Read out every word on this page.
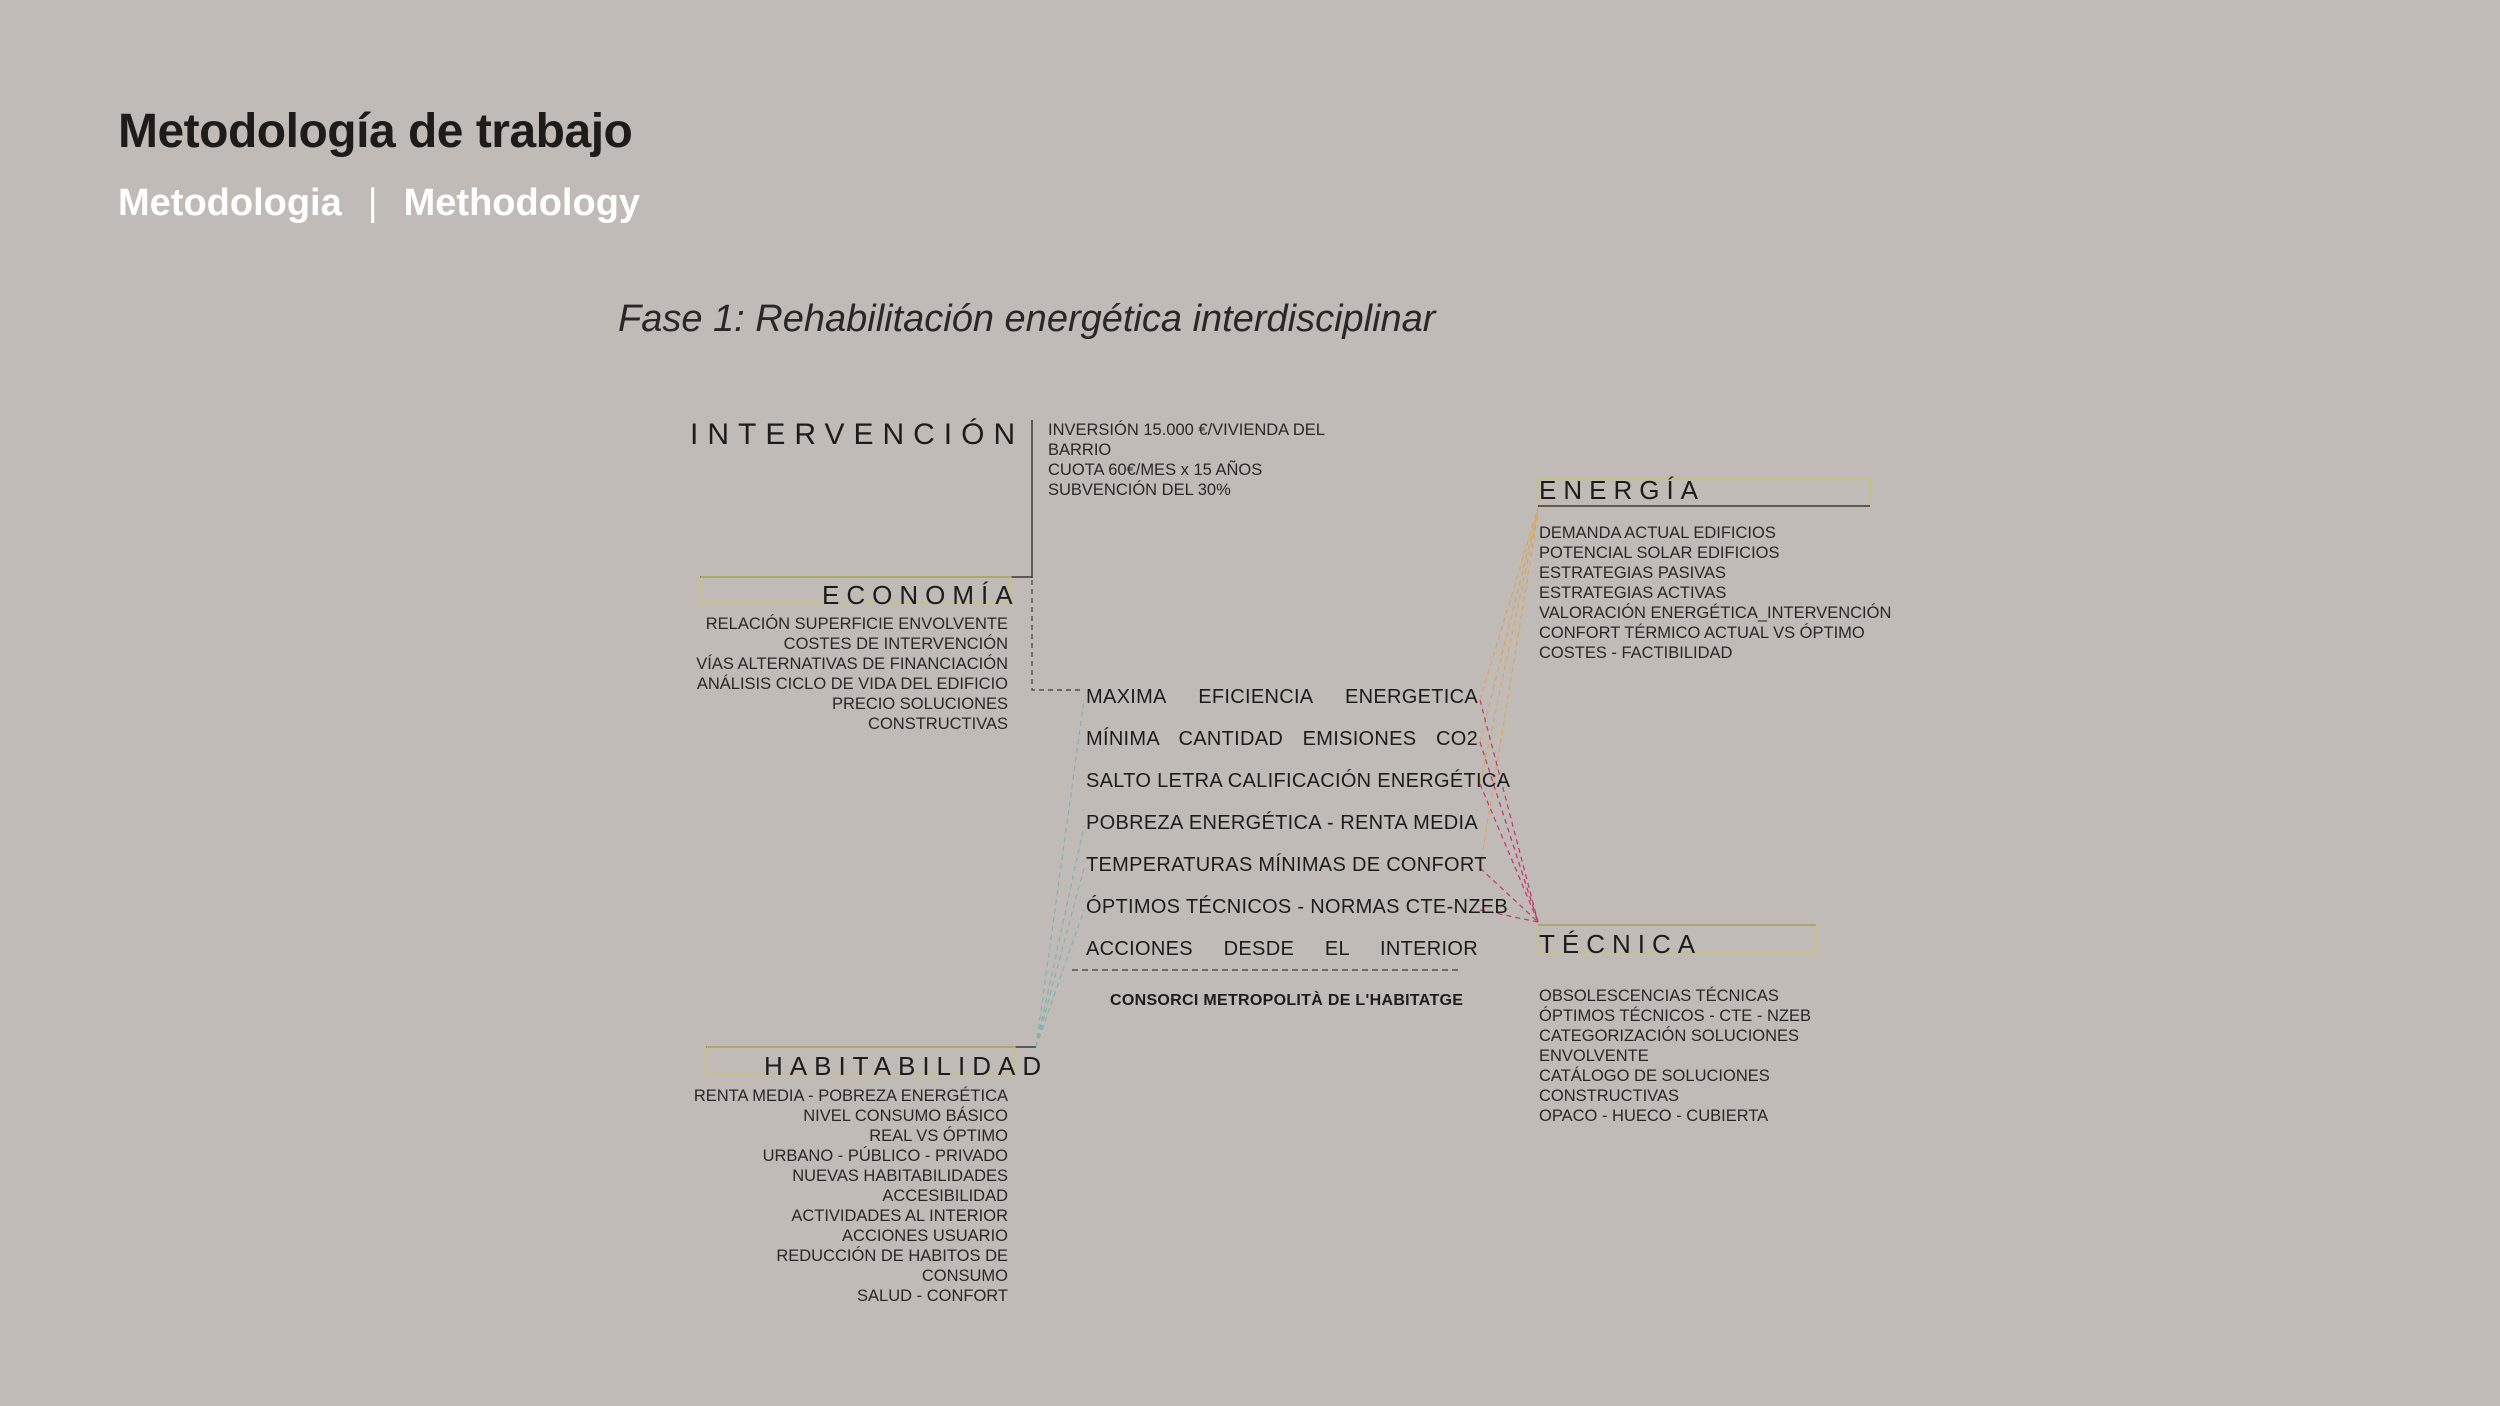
Metodología de trabajo
Metodologia | Methodology
Fase 1: Rehabilitación energética interdisciplinar
INTERVENCIÓN INVERSIÓN 15.000 €/VIVIENDA DEL
BARRIO
CUOTA 60€/MES x 15 AÑOS
SUBVENCIÓN DEL 30%
ECONOMÍA
RELACIÓN SUPERFICIE ENVOLVENTE
COSTES DE INTERVENCIÓN
VÍAS ALTERNATIVAS DE FINANCIACIÓN
ANÁLISIS CICLO DE VIDA DEL EDIFICIO
PRECIO SOLUCIONES
CONSTRUCTIVAS
ENERGÍA
DEMANDA ACTUAL EDIFICIOS
POTENCIAL SOLAR EDIFICIOS
ESTRATEGIAS PASIVAS
ESTRATEGIAS ACTIVAS
VALORACIÓN ENERGÉTICA_INTERVENCIÓN
CONFORT TÉRMICO ACTUAL VS ÓPTIMO
COSTES - FACTIBILIDAD
MAXIMA EFICIENCIA ENERGETICA
MÍNIMA CANTIDAD EMISIONES CO2
SALTO LETRA CALIFICACIÓN ENERGÉTICA
POBREZA ENERGÉTICA - RENTA MEDIA
TEMPERATURAS MÍNIMAS DE CONFORT
ÓPTIMOS TÉCNICOS - NORMAS CTE-NZEB
ACCIONES DESDE EL INTERIOR
CONSORCI METROPOLITÀ DE L'HABITATGE
TÉCNICA
OBSOLESCENCIAS TÉCNICAS
ÓPTIMOS TÉCNICOS - CTE - NZEB
CATEGORIZACIÓN SOLUCIONES
ENVOLVENTE
CATÁLOGO DE SOLUCIONES
CONSTRUCTIVAS
OPACO - HUECO - CUBIERTA
HABITABILIDAD
RENTA MEDIA - POBREZA ENERGÉTICA
NIVEL CONSUMO BÁSICO
REAL VS ÓPTIMO
URBANO - PÚBLICO - PRIVADO
NUEVAS HABITABILIDADES
ACCESIBILIDAD
ACTIVIDADES AL INTERIOR
ACCIONES USUARIO
REDUCCIÓN DE HABITOS DE
CONSUMO
SALUD - CONFORT
